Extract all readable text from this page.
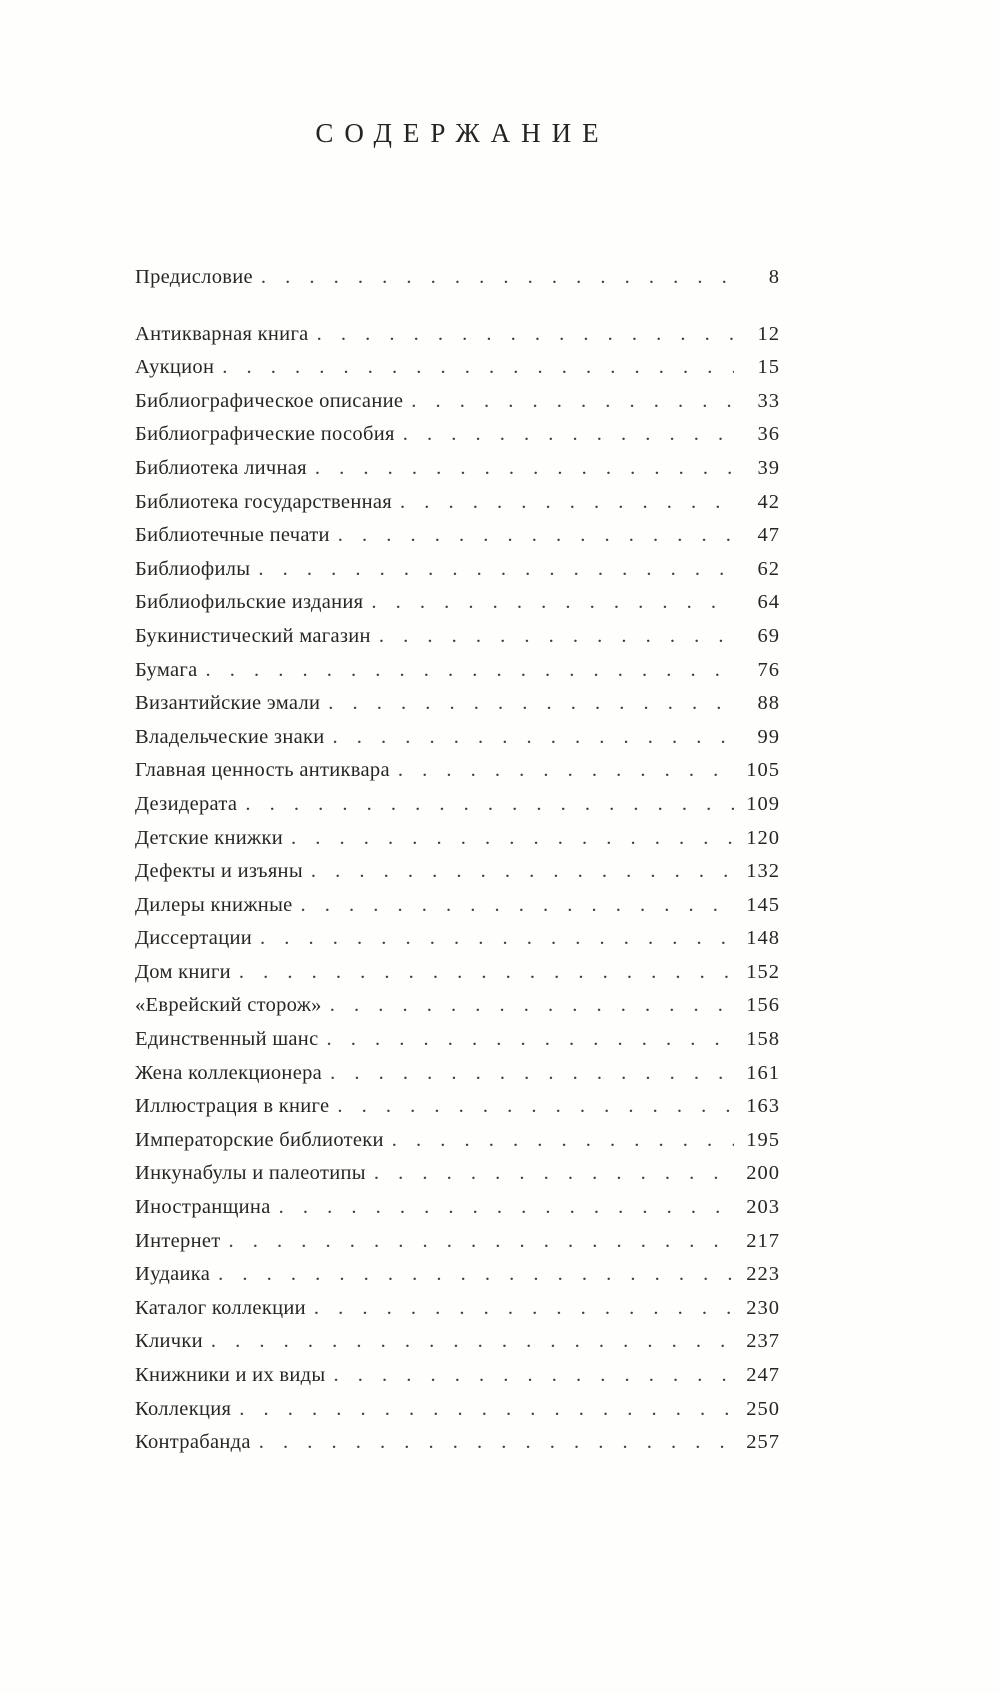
СОДЕРЖАНИЕ
Предисловие . . .	8
Антикварная книга . . .	12
Аукцион . . .	15
Библиографическое описание . . .	33
Библиографические пособия . . .	36
Библиотека личная . . .	39
Библиотека государственная . . .	42
Библиотечные печати . . .	47
Библиофилы . . .	62
Библиофильские издания . . .	64
Букинистический магазин . . .	69
Бумага . . .	76
Византийские эмали . . .	88
Владельческие знаки . . .	99
Главная ценность антиквара . . .	105
Дезидерата . . .	109
Детские книжки . . .	120
Дефекты и изъяны . . .	132
Дилеры книжные . . .	145
Диссертации . . .	148
Дом книги . . .	152
«Еврейский сторож» . . .	156
Единственный шанс . . .	158
Жена коллекционера . . .	161
Иллюстрация в книге . . .	163
Императорские библиотеки . . .	195
Инкунабулы и палеотипы . . .	200
Иностранщина . . .	203
Интернет . . .	217
Иудаика . . .	223
Каталог коллекции . . .	230
Клички . . .	237
Книжники и их виды . . .	247
Коллекция . . .	250
Контрабанда . . .	257
